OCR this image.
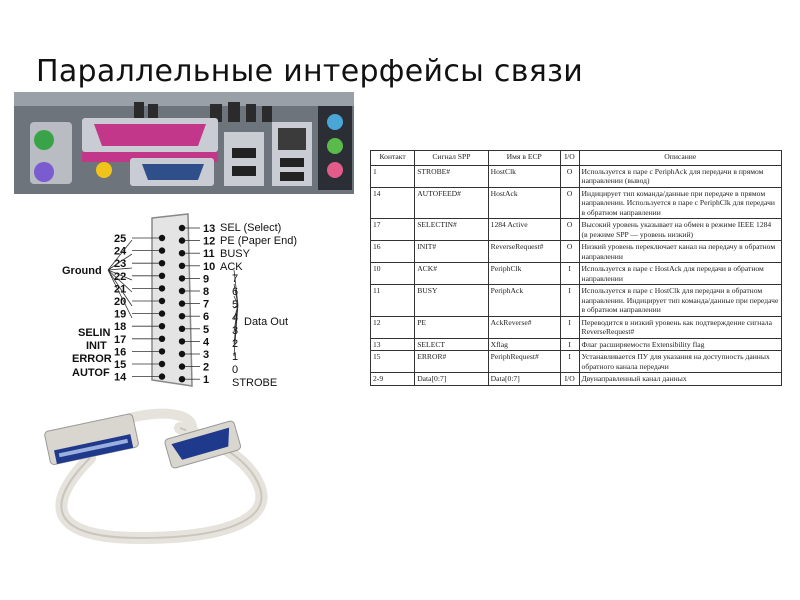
Параллельные интерфейсы связи
25
24
23
22
21
20
19
18
17
16
15
14
13
12
11
10
9
8
7
6
5
4
3
2
1
Ground
SELIN
INIT
ERROR
AUTOF
SEL (Select)
PE (Paper End)
BUSY
ACK
7
6
5
4
3
2
1
0
Data Out
STROBE
Контакт	Сигнал SPP	Имя в ECP	I/O	Описание
1	STROBE#	HostClk	O	Используется в паре с PeriphAck для передачи в прямом направлении (вывод)
14	AUTOFEED#	HostAck	O	Индицирует тип команда/данные при передаче в прямом направлении. Используется в паре с PeriphClk для передачи в обратном направлении
17	SELECTIN#	1284 Active	O	Высокий уровень указывает на обмен в режиме IEEE 1284 (в режиме SPP — уровень низкий)
16	INIT#	ReverseRequest#	O	Низкий уровень переключает канал на передачу в обратном направлении
10	ACK#	PeriphClk	I	Используется в паре с HostAck для передачи в обратном направлении
11	BUSY	PeriphAck	I	Используется в паре с HostClk для передачи в обратном направлении. Индицирует тип команда/данные при передаче в обратном направлении
12	PE	AckReverse#	I	Переводится в низкий уровень как подтверждение сигнала ReverseRequest#
13	SELECT	Xflag	I	Флаг расширяемости Extensibility flag
15	ERROR#	PeriphRequest#	I	Устанавливается ПУ для указания на доступность данных обратного канала передачи
2-9	Data[0:7]	Data[0:7]	I/O	Двунаправленный канал данных
